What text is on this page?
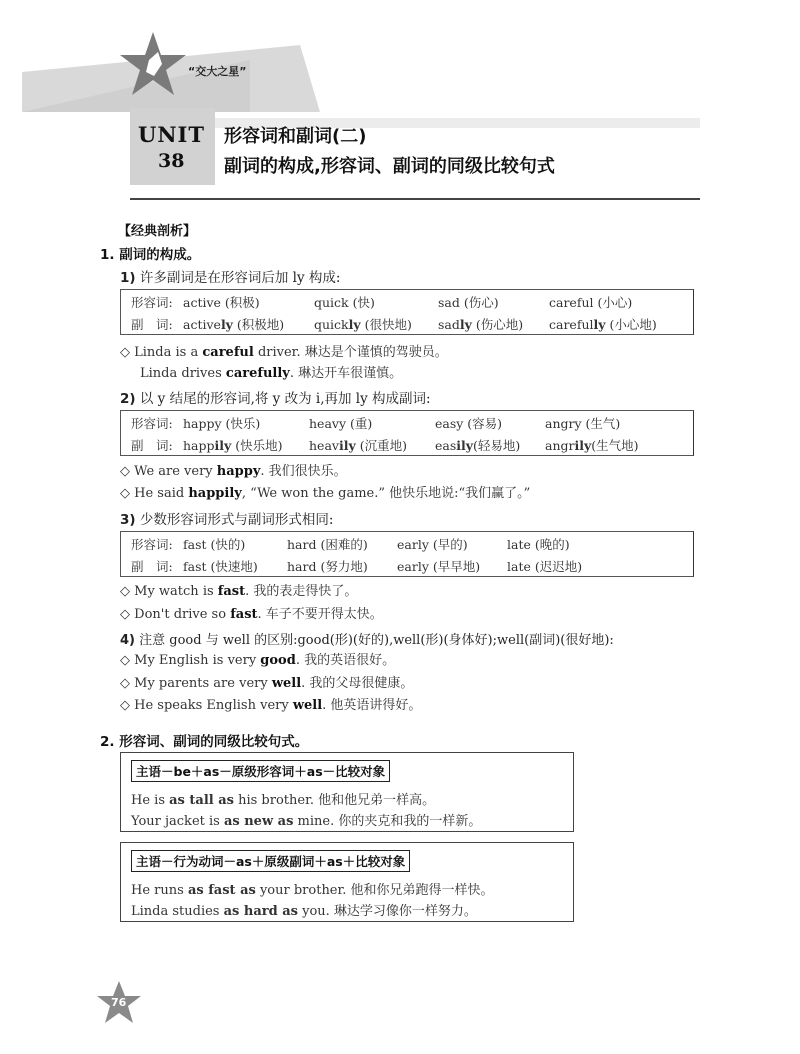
“交大之星”
UNIT
38
形容词和副词(二)
副词的构成,形容词、副词的同级比较句式
【经典剖析】
1. 副词的构成。
1) 许多副词是在形容词后加 ly 构成:
形容词: active (积极)	quick (快)	sad (伤心)	careful (小心)
副　词: actively (积极地) quickly (很快地) sadly (伤心地) carefully (小心地)
◇ Linda is a careful driver. 琳达是个谨慎的驾驶员。
Linda drives carefully. 琳达开车很谨慎。
2) 以 y 结尾的形容词,将 y 改为 i,再加 ly 构成副词:
形容词: happy (快乐)	heavy (重)	easy (容易)	angry (生气)
副　词: happily (快乐地) heavily (沉重地) easily(轻易地) angrily(生气地)
◇ We are very happy. 我们很快乐。
◇ He said happily, “We won the game.” 他快乐地说:“我们赢了。”
3) 少数形容词形式与副词形式相同:
形容词: fast (快的)	hard (困难的) early (早的)	late (晚的)
副　词: fast (快速地) hard (努力地) early (早早地) late (迟迟地)
◇ My watch is fast. 我的表走得快了。
◇ Don't drive so fast. 车子不要开得太快。
4) 注意 good 与 well 的区别:good(形)(好的),well(形)(身体好);well(副词)(很好地):
◇ My English is very good. 我的英语很好。
◇ My parents are very well. 我的父母很健康。
◇ He speaks English very well. 他英语讲得好。
2. 形容词、副词的同级比较句式。
主语－be＋as－原级形容词＋as－比较对象
He is as tall as his brother. 他和他兄弟一样高。
Your jacket is as new as mine. 你的夹克和我的一样新。
主语－行为动词－as＋原级副词＋as＋比较对象
He runs as fast as your brother. 他和你兄弟跑得一样快。
Linda studies as hard as you. 琳达学习像你一样努力。
76
